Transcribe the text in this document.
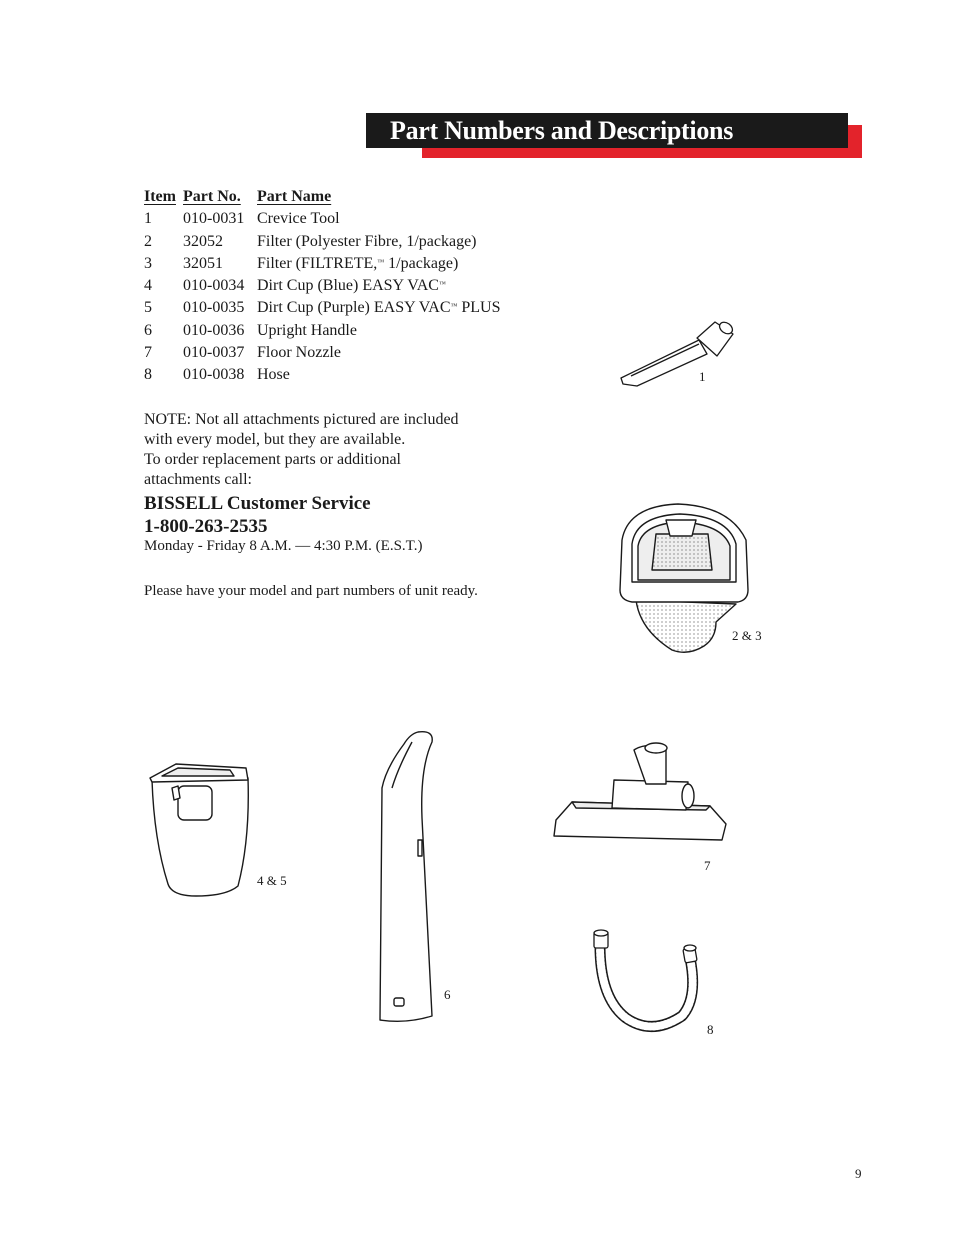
Part Numbers and Descriptions
Item Part No. Part Name
1 010-0031 Crevice Tool
2 32052 Filter (Polyester Fibre, 1/package)
3 32051 Filter (FILTRETE,™ 1/package)
4 010-0034 Dirt Cup (Blue) EASY VAC™
5 010-0035 Dirt Cup (Purple) EASY VAC™ PLUS
6 010-0036 Upright Handle
7 010-0037 Floor Nozzle
8 010-0038 Hose
NOTE: Not all attachments pictured are included
with every model, but they are available.
To order replacement parts or additional
attachments call:
BISSELL Customer Service
1-800-263-2535
Monday - Friday 8 A.M. — 4:30 P.M. (E.S.T.)
Please have your model and part numbers of unit ready.
1
2 & 3
4 & 5
6
7
8
9
